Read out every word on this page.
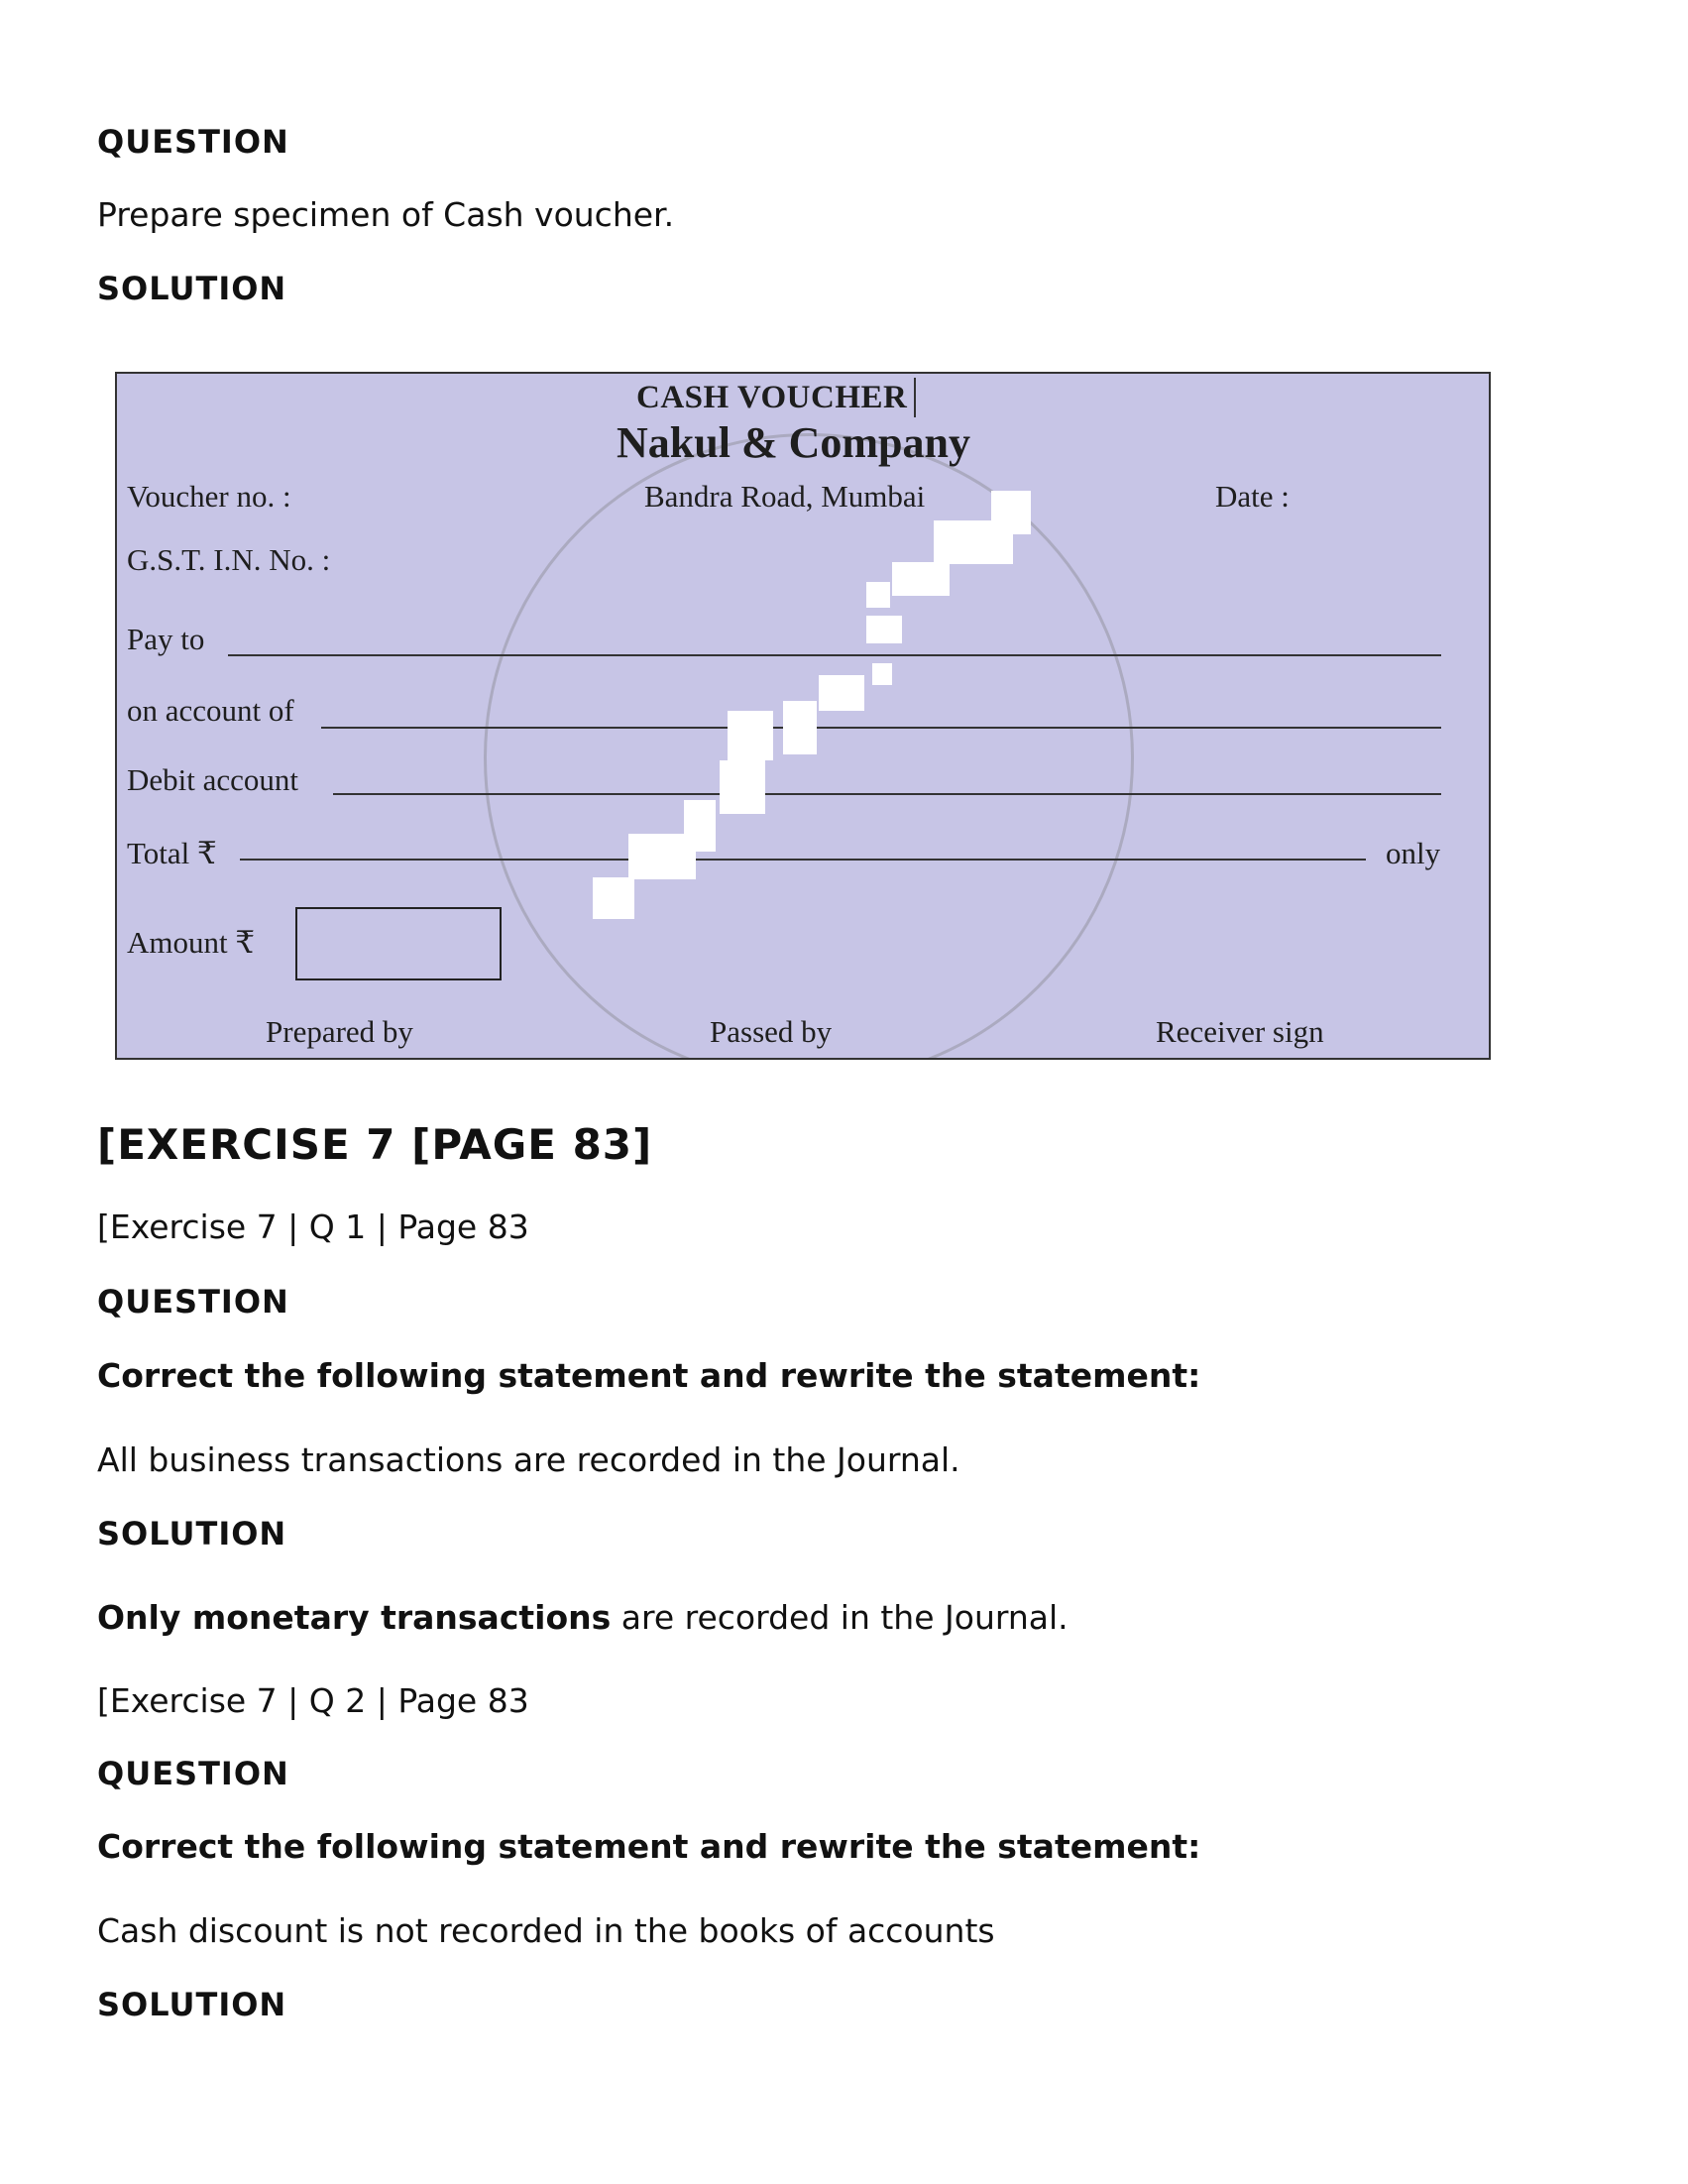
QUESTION
Prepare specimen of Cash voucher.
SOLUTION
CASH VOUCHER
Nakul & Company
Voucher no. :	Bandra Road, Mumbai	Date :
G.S.T. I.N. No. :
Pay to
on account of
Debit account
Total ₹	only
Amount ₹
Prepared by	Passed by	Receiver sign
[EXERCISE 7 [PAGE 83]
[Exercise 7 | Q 1 | Page 83
QUESTION
Correct the following statement and rewrite the statement:
All business transactions are recorded in the Journal.
SOLUTION
Only monetary transactions are recorded in the Journal.
[Exercise 7 | Q 2 | Page 83
QUESTION
Correct the following statement and rewrite the statement:
Cash discount is not recorded in the books of accounts
SOLUTION
